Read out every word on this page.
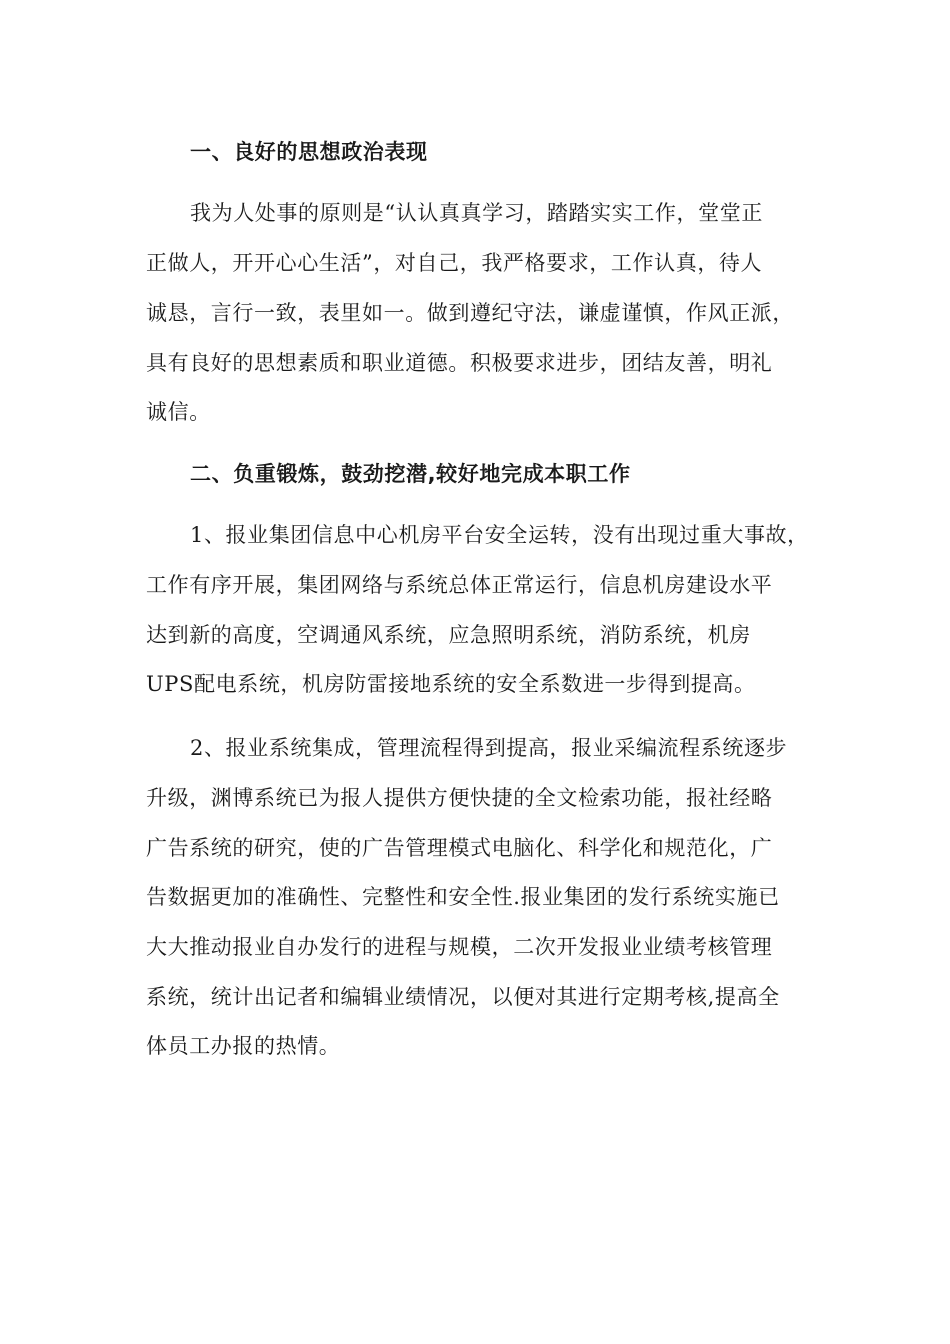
一、良好的思想政治表现
我为人处事的原则是“认认真真学习，踏踏实实工作，堂堂正
正做人，开开心心生活”，对自己，我严格要求，工作认真，待人
诚恳，言行一致，表里如一。做到遵纪守法，谦虚谨慎，作风正派，
具有良好的思想素质和职业道德。积极要求进步，团结友善，明礼
诚信。
二、负重锻炼，鼓劲挖潜,较好地完成本职工作
1、报业集团信息中心机房平台安全运转，没有出现过重大事故，
工作有序开展，集团网络与系统总体正常运行，信息机房建设水平
达到新的高度，空调通风系统，应急照明系统，消防系统，机房
UPS配电系统，机房防雷接地系统的安全系数进一步得到提高。
2、报业系统集成，管理流程得到提高，报业采编流程系统逐步
升级，渊博系统已为报人提供方便快捷的全文检索功能，报社经略
广告系统的研究，使的广告管理模式电脑化、科学化和规范化，广
告数据更加的准确性、完整性和安全性.报业集团的发行系统实施已
大大推动报业自办发行的进程与规模，二次开发报业业绩考核管理
系统，统计出记者和编辑业绩情况，以便对其进行定期考核,提高全
体员工办报的热情。
